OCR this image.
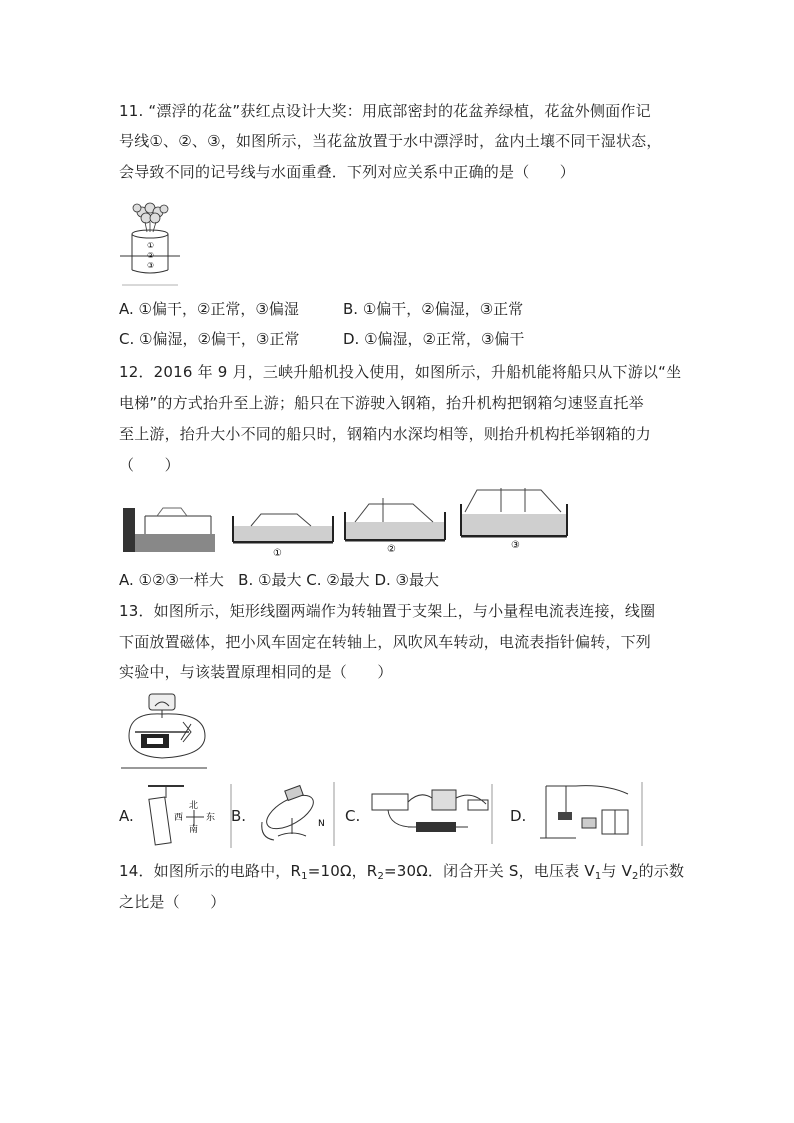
11. “漂浮的花盆”获红点设计大奖：用底部密封的花盆养绿植，花盆外侧面作记
号线①、②、③，如图所示，当花盆放置于水中漂浮时，盆内土壤不同干湿状态，
会导致不同的记号线与水面重叠．下列对应关系中正确的是（　　）
①
②
③
A. ①偏干，②正常，③偏湿	B. ①偏干，②偏湿，③正常
C. ①偏湿，②偏干，③正常	D. ①偏湿，②正常，③偏干
12．2016 年 9 月，三峡升船机投入使用，如图所示，升船机能将船只从下游以“坐
电梯”的方式抬升至上游；船只在下游驶入钢箱，抬升机构把钢箱匀速竖直托举
至上游，抬升大小不同的船只时，钢箱内水深均相等，则抬升机构托举钢箱的力
（　　）
①	②	③
A. ①②③一样大   B. ①最大 C. ②最大 D. ③最大
13．如图所示，矩形线圈两端作为转轴置于支架上，与小量程电流表连接，线圈
下面放置磁体，把小风车固定在转轴上，风吹风车转动，电流表指针偏转，下列
实验中，与该装置原理相同的是（　　）
A.
北
西	东
南
B.	N C.	D.
14．如图所示的电路中，$R_1=10\Omega$，$R_2=30\Omega$．闭合开关 S，电压表 $V_1$与 $V_2$的示数
之比是（　　）
